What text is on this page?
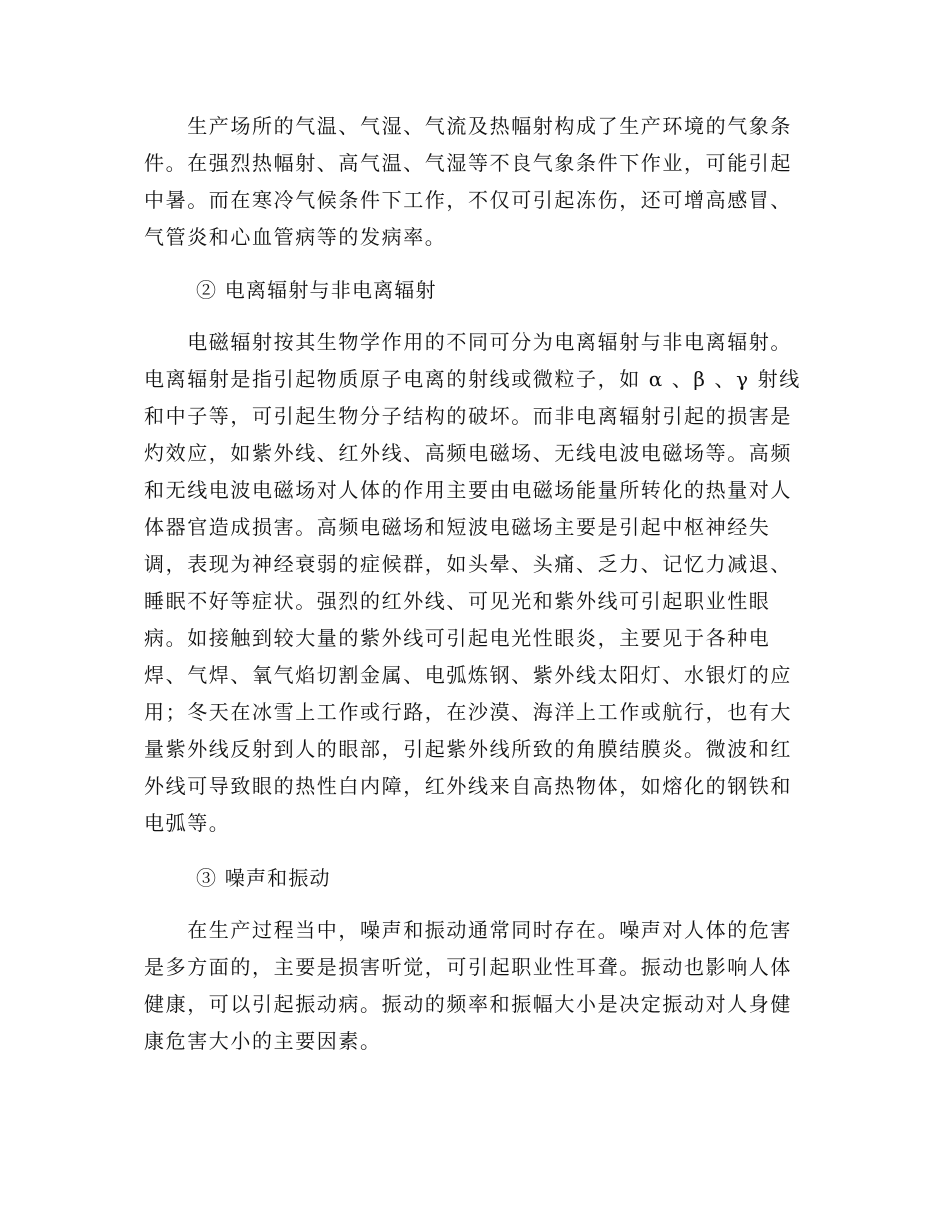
　　生产场所的气温、气湿、气流及热幅射构成了生产环境的气象条
件。在强烈热幅射、高气温、气湿等不良气象条件下作业，可能引起
中暑。而在寒冷气候条件下工作，不仅可引起冻伤，还可增高感冒、
气管炎和心血管病等的发病率。
② 电离辐射与非电离辐射
　　电磁辐射按其生物学作用的不同可分为电离辐射与非电离辐射。
电离辐射是指引起物质原子电离的射线或微粒子，如 α 、β 、γ 射线
和中子等，可引起生物分子结构的破坏。而非电离辐射引起的损害是
灼效应，如紫外线、红外线、高频电磁场、无线电波电磁场等。高频
和无线电波电磁场对人体的作用主要由电磁场能量所转化的热量对人
体器官造成损害。高频电磁场和短波电磁场主要是引起中枢神经失
调，表现为神经衰弱的症候群，如头晕、头痛、乏力、记忆力减退、
睡眠不好等症状。强烈的红外线、可见光和紫外线可引起职业性眼
病。如接触到较大量的紫外线可引起电光性眼炎，主要见于各种电
焊、气焊、氧气焰切割金属、电弧炼钢、紫外线太阳灯、水银灯的应
用；冬天在冰雪上工作或行路，在沙漠、海洋上工作或航行，也有大
量紫外线反射到人的眼部，引起紫外线所致的角膜结膜炎。微波和红
外线可导致眼的热性白内障，红外线来自高热物体，如熔化的钢铁和
电弧等。
③ 噪声和振动
　　在生产过程当中，噪声和振动通常同时存在。噪声对人体的危害
是多方面的，主要是损害听觉，可引起职业性耳聋。振动也影响人体
健康，可以引起振动病。振动的频率和振幅大小是决定振动对人身健
康危害大小的主要因素。
